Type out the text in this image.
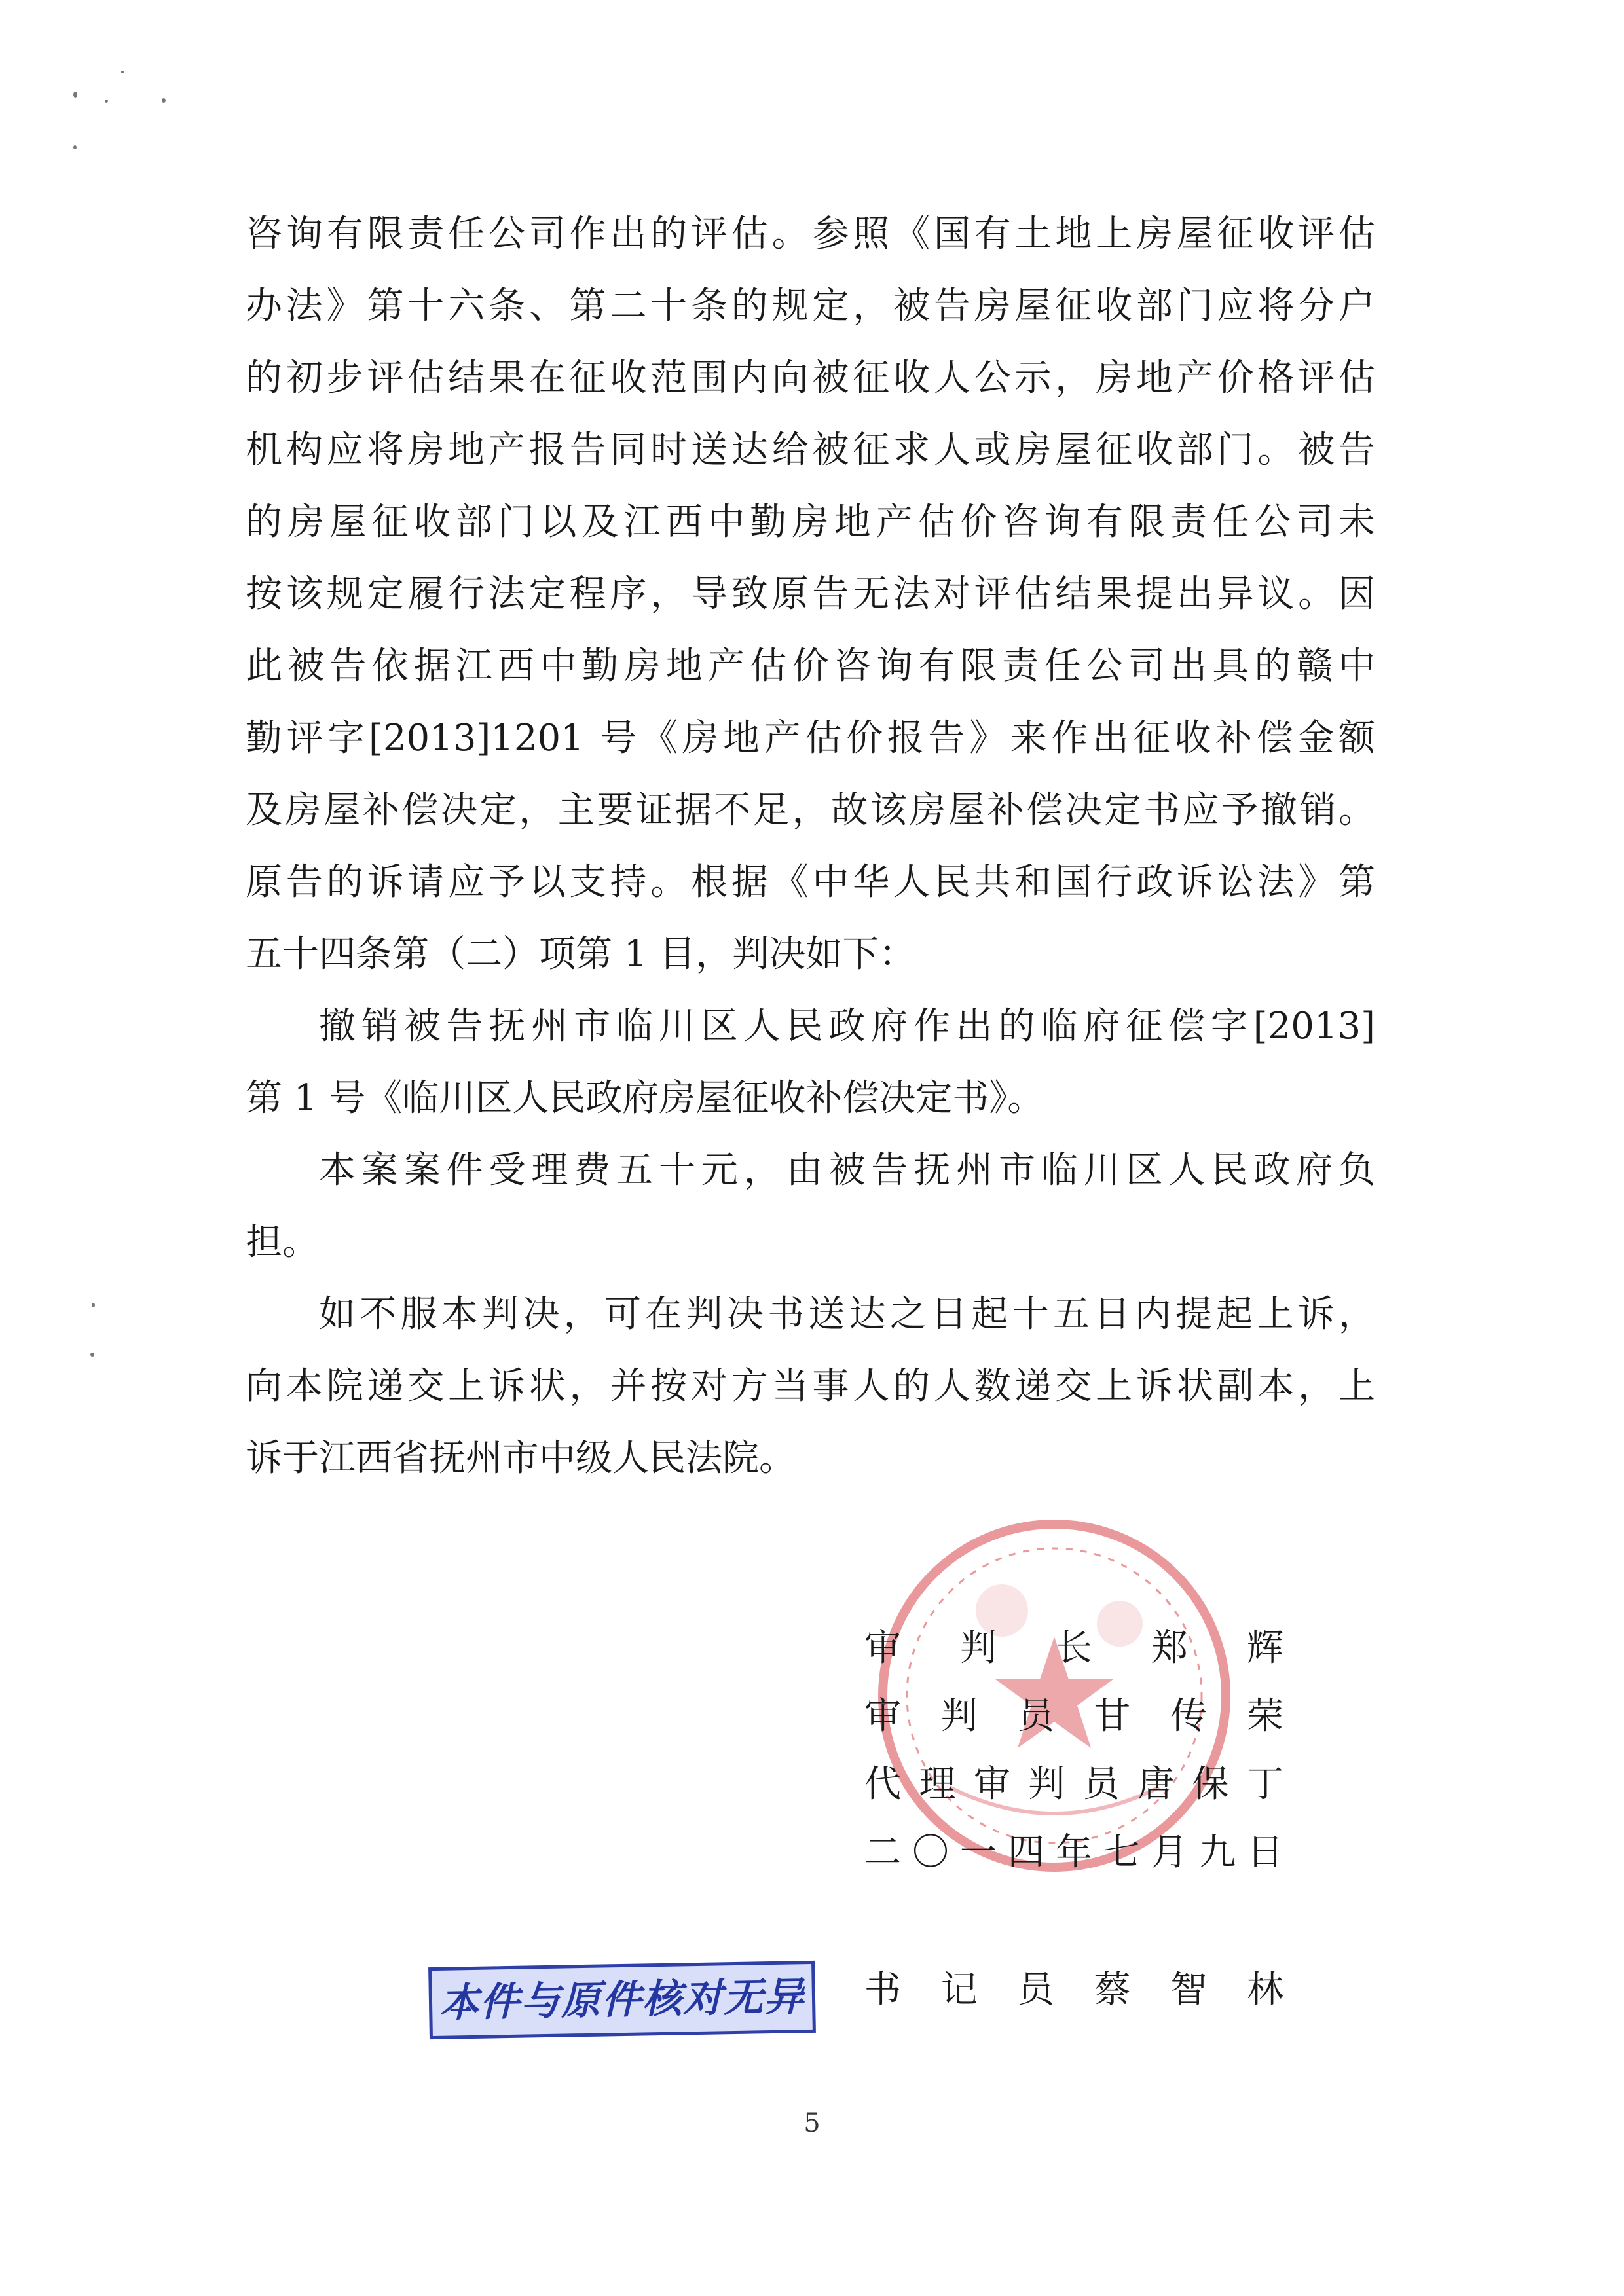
咨询有限责任公司作出的评估。参照《国有土地上房屋征收评估
办法》第十六条、第二十条的规定，被告房屋征收部门应将分户
的初步评估结果在征收范围内向被征收人公示，房地产价格评估
机构应将房地产报告同时送达给被征求人或房屋征收部门。被告
的房屋征收部门以及江西中勤房地产估价咨询有限责任公司未
按该规定履行法定程序，导致原告无法对评估结果提出异议。因
此被告依据江西中勤房地产估价咨询有限责任公司出具的赣中
勤评字[2013]1201 号《房地产估价报告》来作出征收补偿金额
及房屋补偿决定，主要证据不足，故该房屋补偿决定书应予撤销。
原告的诉请应予以支持。根据《中华人民共和国行政诉讼法》第
五十四条第（二）项第 1 目，判决如下：
撤销被告抚州市临川区人民政府作出的临府征偿字[2013]
第 1 号《临川区人民政府房屋征收补偿决定书》。
本案案件受理费五十元，由被告抚州市临川区人民政府负
担。
如不服本判决，可在判决书送达之日起十五日内提起上诉，
向本院递交上诉状，并按对方当事人的人数递交上诉状副本，上
诉于江西省抚州市中级人民法院。
审判长郑辉
审判员甘传荣
代理审判员唐保丁
二〇一四年七月九日
书记员蔡智林
本件与原件核对无异
5
